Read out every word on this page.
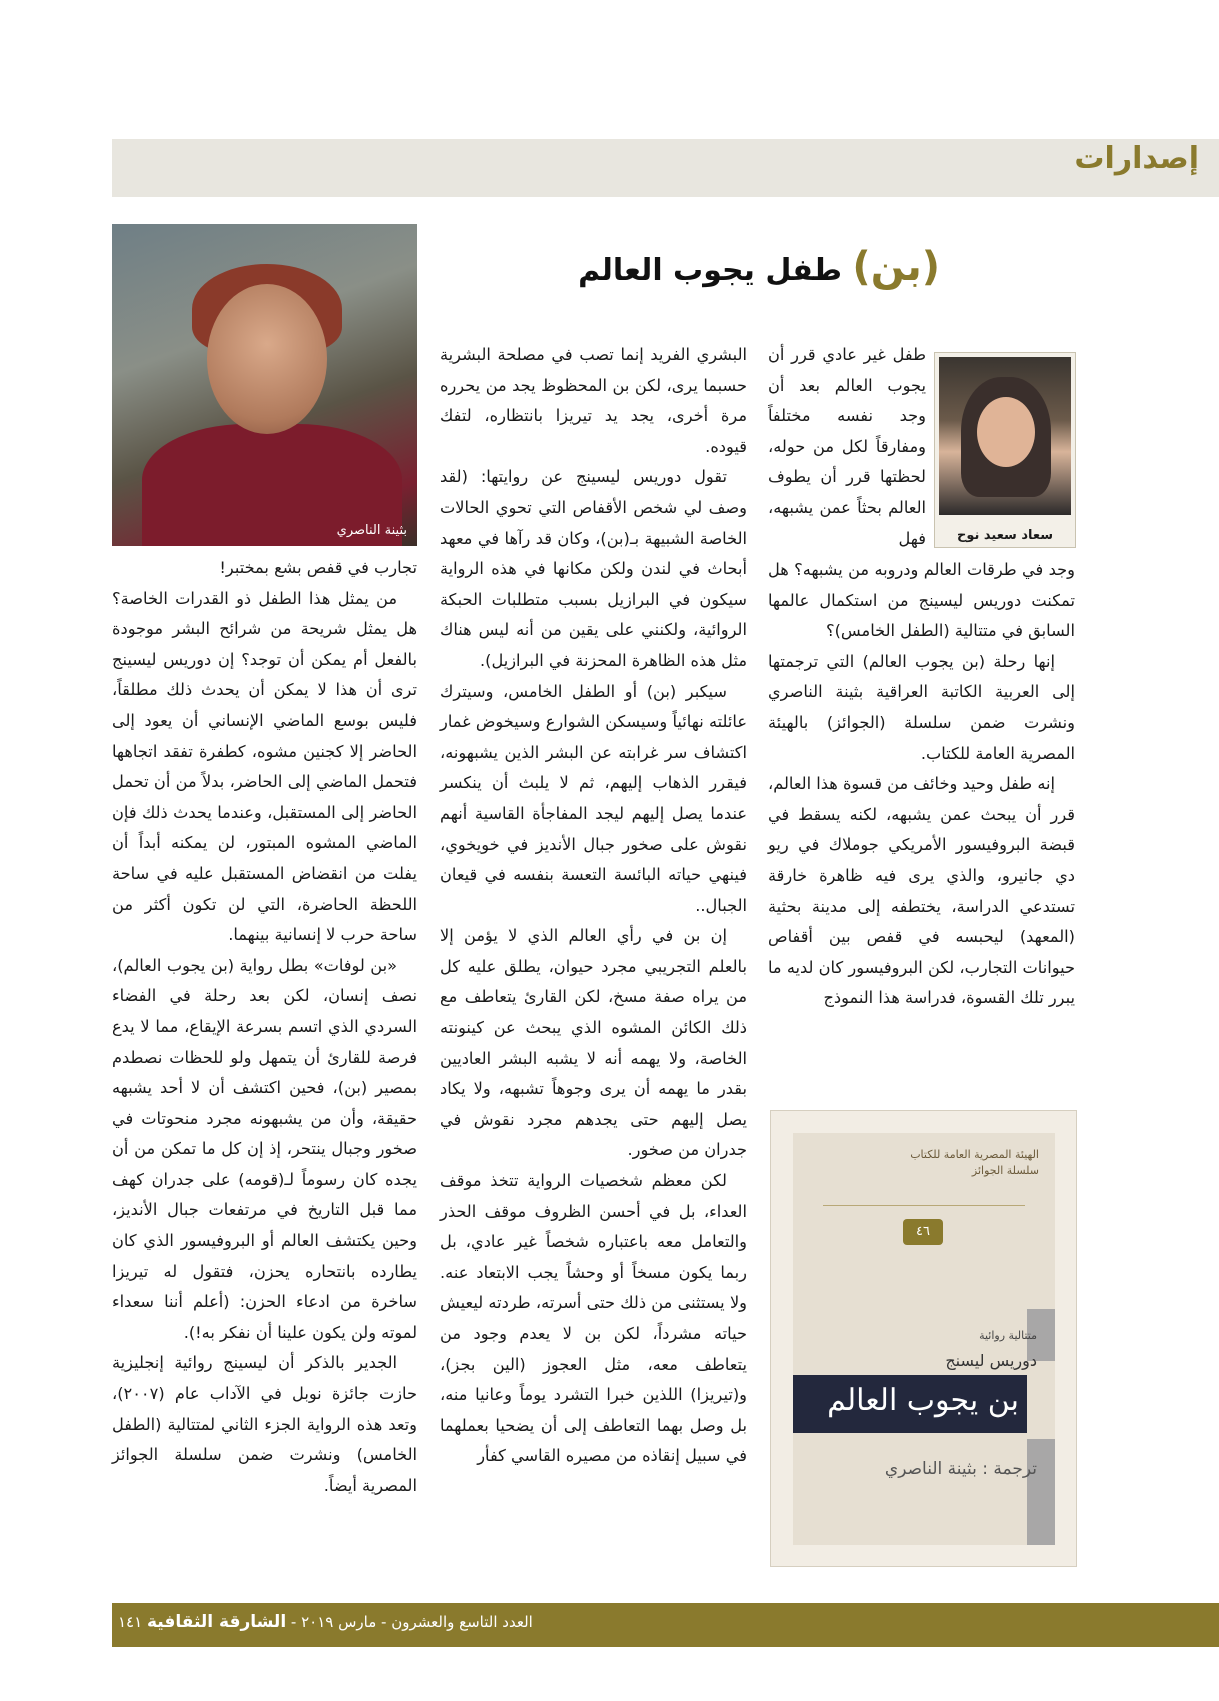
إصدارات
(بن) طفل يجوب العالم
بثينة الناصري	سعاد سعيد نوح

طفل غير عادي قرر أن يجوب العالم بعد أن وجد نفسه مختلفاً ومفارقاً لكل من حوله، لحظتها قرر أن يطوف العالم بحثاً عمن يشبهه، فهل

وجد في طرقات العالم ودروبه من يشبهه؟ هل تمكنت دوريس ليسينج من استكمال عالمها السابق في متتالية (الطفل الخامس)؟

إنها رحلة (بن يجوب العالم) التي ترجمتها إلى العربية الكاتبة العراقية بثينة الناصري ونشرت ضمن سلسلة (الجوائز) بالهيئة المصرية العامة للكتاب.

إنه طفل وحيد وخائف من قسوة هذا العالم، قرر أن يبحث عمن يشبهه، لكنه يسقط في قبضة البروفيسور الأمريكي جوملاك في ريو دي جانيرو، والذي يرى فيه ظاهرة خارقة تستدعي الدراسة، يختطفه إلى مدينة بحثية (المعهد) ليحبسه في قفص بين أقفاص حيوانات التجارب، لكن البروفيسور كان لديه ما يبرر تلك القسوة، فدراسة هذا النموذج

البشري الفريد إنما تصب في مصلحة البشرية حسبما يرى، لكن بن المحظوظ يجد من يحرره مرة أخرى، يجد يد تيريزا بانتظاره، لتفك قيوده.

تقول دوريس ليسينج عن روايتها: (لقد وصف لي شخص الأقفاص التي تحوي الحالات الخاصة الشبيهة بـ(بن)، وكان قد رآها في معهد أبحاث في لندن ولكن مكانها في هذه الرواية سيكون في البرازيل بسبب متطلبات الحبكة الروائية، ولكنني على يقين من أنه ليس هناك مثل هذه الظاهرة المحزنة في البرازيل).

سيكبر (بن) أو الطفل الخامس، وسيترك عائلته نهائياً وسيسكن الشوارع وسيخوض غمار اكتشاف سر غرابته عن البشر الذين يشبهونه، فيقرر الذهاب إليهم، ثم لا يلبث أن ينكسر عندما يصل إليهم ليجد المفاجأة القاسية أنهم نقوش على صخور جبال الأنديز في خويخوي، فينهي حياته البائسة التعسة بنفسه في قيعان الجبال..

إن بن في رأي العالم الذي لا يؤمن إلا بالعلم التجريبي مجرد حيوان، يطلق عليه كل من يراه صفة مسخ، لكن القارئ يتعاطف مع ذلك الكائن المشوه الذي يبحث عن كينونته الخاصة، ولا يهمه أنه لا يشبه البشر العاديين بقدر ما يهمه أن يرى وجوهاً تشبهه، ولا يكاد يصل إليهم حتى يجدهم مجرد نقوش في جدران من صخور.

لكن معظم شخصيات الرواية تتخذ موقف العداء، بل في أحسن الظروف موقف الحذر والتعامل معه باعتباره شخصاً غير عادي، بل ربما يكون مسخاً أو وحشاً يجب الابتعاد عنه. ولا يستثنى من ذلك حتى أسرته، طردته ليعيش حياته مشرداً، لكن بن لا يعدم وجود من يتعاطف معه، مثل العجوز (الين بجز)، و(تيريزا) اللذين خبرا التشرد يوماً وعانيا منه، بل وصل بهما التعاطف إلى أن يضحيا بعملهما في سبيل إنقاذه من مصيره القاسي كفأر

تجارب في قفص بشع بمختبر!

من يمثل هذا الطفل ذو القدرات الخاصة؟ هل يمثل شريحة من شرائح البشر موجودة بالفعل أم يمكن أن توجد؟ إن دوريس ليسينج ترى أن هذا لا يمكن أن يحدث ذلك مطلقاً، فليس بوسع الماضي الإنساني أن يعود إلى الحاضر إلا كجنين مشوه، كطفرة تفقد اتجاهها فتحمل الماضي إلى الحاضر، بدلاً من أن تحمل الحاضر إلى المستقبل، وعندما يحدث ذلك فإن الماضي المشوه المبتور، لن يمكنه أبداً أن يفلت من انقضاض المستقبل عليه في ساحة اللحظة الحاضرة، التي لن تكون أكثر من ساحة حرب لا إنسانية بينهما.

«بن لوفات» بطل رواية (بن يجوب العالم)، نصف إنسان، لكن بعد رحلة في الفضاء السردي الذي اتسم بسرعة الإيقاع، مما لا يدع فرصة للقارئ أن يتمهل ولو للحظات نصطدم بمصير (بن)، فحين اكتشف أن لا أحد يشبهه حقيقة، وأن من يشبهونه مجرد منحوتات في صخور وجبال ينتحر، إذ إن كل ما تمكن من أن يجده كان رسوماً لـ(قومه) على جدران كهف مما قبل التاريخ في مرتفعات جبال الأنديز، وحين يكتشف العالم أو البروفيسور الذي كان يطارده بانتحاره يحزن، فتقول له تيريزا ساخرة من ادعاء الحزن: (أعلم أننا سعداء لموته ولن يكون علينا أن نفكر به!).

الجدير بالذكر أن ليسينج روائية إنجليزية حازت جائزة نوبل في الآداب عام (٢٠٠٧)، وتعد هذه الرواية الجزء الثاني لمتتالية (الطفل الخامس) ونشرت ضمن سلسلة الجوائز المصرية أيضاً.

الهيئة المصرية العامة للكتاب
سلسلة الجوائز
٤٦
متتالية روائية
دوريس ليسنج
بن يجوب العالم
ترجمة : بثينة الناصري
العدد التاسع والعشرون - مارس ٢٠١٩ - الشارقة الثقافية ١٤١
